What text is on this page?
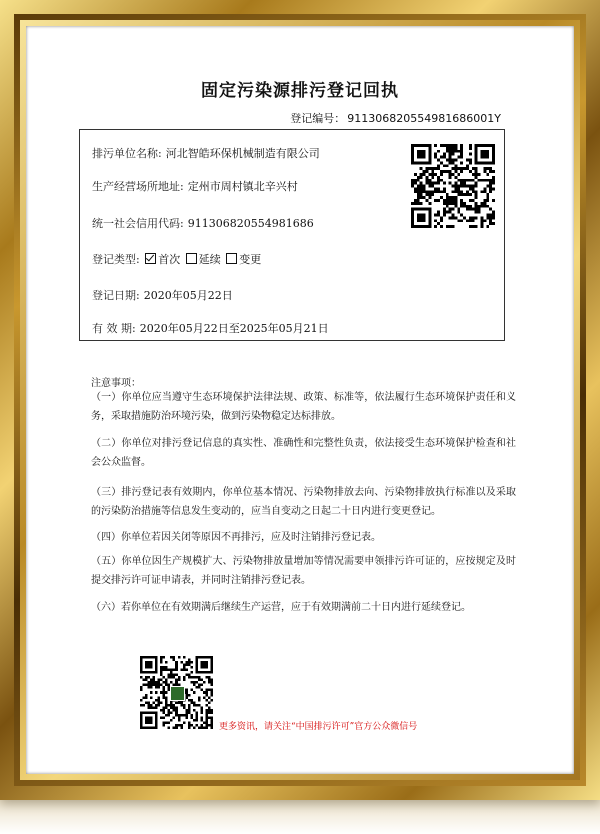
固定污染源排污登记回执
登记编号： 911306820554981686001Y
排污单位名称: 河北智皓环保机械制造有限公司
生产经营场所地址: 定州市周村镇北辛兴村
统一社会信用代码: 911306820554981686
登记类型: 首次 延续 变更
登记日期: 2020年05月22日
有 效 期: 2020年05月22日至2025年05月21日
注意事项：
（一）你单位应当遵守生态环境保护法律法规、政策、标准等，依法履行生态环境保护责任和义务，采取措施防治环境污染，做到污染物稳定达标排放。
（二）你单位对排污登记信息的真实性、准确性和完整性负责，依法接受生态环境保护检查和社会公众监督。
（三）排污登记表有效期内，你单位基本情况、污染物排放去向、污染物排放执行标准以及采取的污染防治措施等信息发生变动的，应当自变动之日起二十日内进行变更登记。
（四）你单位若因关闭等原因不再排污，应及时注销排污登记表。
（五）你单位因生产规模扩大、污染物排放量增加等情况需要申领排污许可证的，应按规定及时提交排污许可证申请表，并同时注销排污登记表。
（六）若你单位在有效期满后继续生产运营，应于有效期满前二十日内进行延续登记。
更多资讯，请关注“中国排污许可”官方公众微信号
